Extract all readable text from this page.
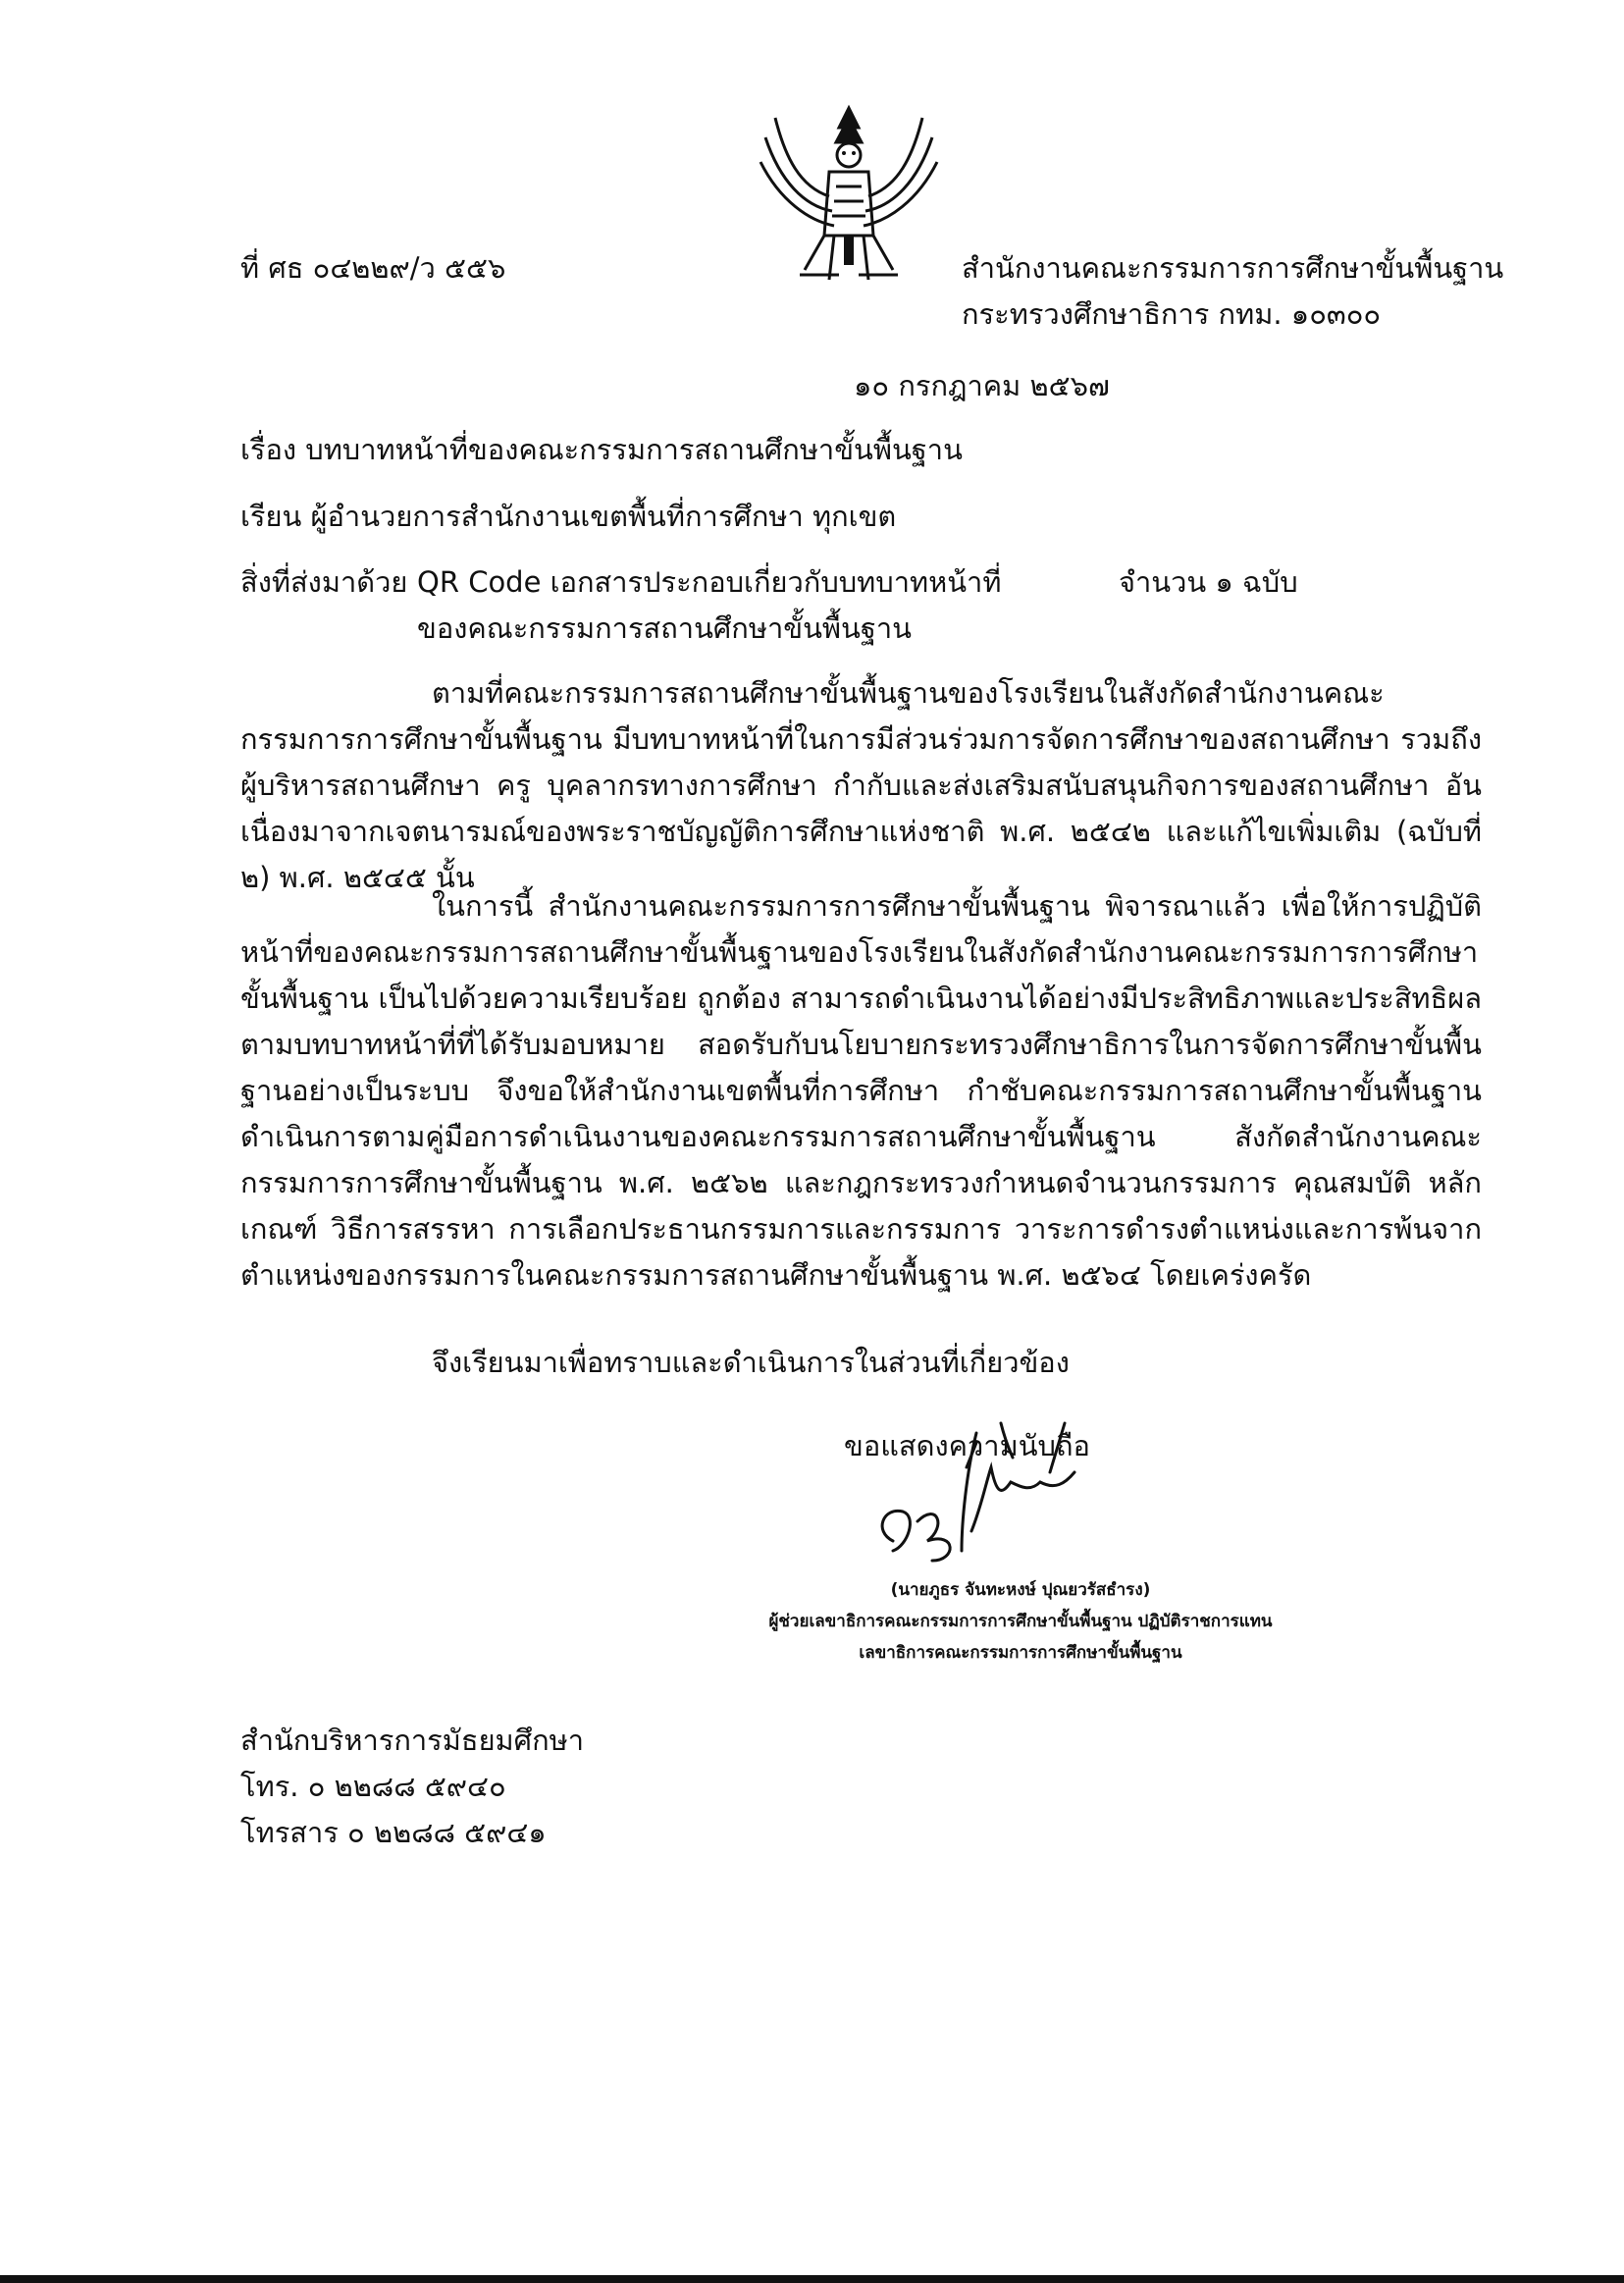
ที่ ศธ ๐๔๒๒๙/ว ๕๕๖	สำนักงานคณะกรรมการการศึกษาขั้นพื้นฐาน
กระทรวงศึกษาธิการ กทม. ๑๐๓๐๐
๑๐ กรกฎาคม ๒๕๖๗
เรื่อง บทบาทหน้าที่ของคณะกรรมการสถานศึกษาขั้นพื้นฐาน
เรียน ผู้อำนวยการสำนักงานเขตพื้นที่การศึกษา ทุกเขต
สิ่งที่ส่งมาด้วย QR Code เอกสารประกอบเกี่ยวกับบทบาทหน้าที่	จำนวน ๑ ฉบับ
ของคณะกรรมการสถานศึกษาขั้นพื้นฐาน
ตามที่คณะกรรมการสถานศึกษาขั้นพื้นฐานของโรงเรียนในสังกัดสำนักงานคณะกรรมการการศึกษาขั้นพื้นฐาน มีบทบาทหน้าที่ในการมีส่วนร่วมการจัดการศึกษาของสถานศึกษา รวมถึงผู้บริหารสถานศึกษา ครู บุคลากรทางการศึกษา กำกับและส่งเสริมสนับสนุนกิจการของสถานศึกษา อันเนื่องมาจากเจตนารมณ์ของพระราชบัญญัติการศึกษาแห่งชาติ พ.ศ. ๒๕๔๒ และแก้ไขเพิ่มเติม (ฉบับที่ ๒) พ.ศ. ๒๕๔๕ นั้น
ในการนี้ สำนักงานคณะกรรมการการศึกษาขั้นพื้นฐาน พิจารณาแล้ว เพื่อให้การปฏิบัติหน้าที่ของคณะกรรมการสถานศึกษาขั้นพื้นฐานของโรงเรียนในสังกัดสำนักงานคณะกรรมการการศึกษาขั้นพื้นฐาน เป็นไปด้วยความเรียบร้อย ถูกต้อง สามารถดำเนินงานได้อย่างมีประสิทธิภาพและประสิทธิผลตามบทบาทหน้าที่ที่ได้รับมอบหมาย สอดรับกับนโยบายกระทรวงศึกษาธิการในการจัดการศึกษาขั้นพื้นฐานอย่างเป็นระบบ จึงขอให้สำนักงานเขตพื้นที่การศึกษา กำชับคณะกรรมการสถานศึกษาขั้นพื้นฐาน ดำเนินการตามคู่มือการดำเนินงานของคณะกรรมการสถานศึกษาขั้นพื้นฐาน สังกัดสำนักงานคณะกรรมการการศึกษาขั้นพื้นฐาน พ.ศ. ๒๕๖๒ และกฎกระทรวงกำหนดจำนวนกรรมการ คุณสมบัติ หลักเกณฑ์ วิธีการสรรหา การเลือกประธานกรรมการและกรรมการ วาระการดำรงตำแหน่งและการพ้นจากตำแหน่งของกรรมการในคณะกรรมการสถานศึกษาขั้นพื้นฐาน พ.ศ. ๒๕๖๔ โดยเคร่งครัด
จึงเรียนมาเพื่อทราบและดำเนินการในส่วนที่เกี่ยวข้อง
ขอแสดงความนับถือ
(นายภูธร จันทะหงษ์ ปุณยวรัสธำรง)
ผู้ช่วยเลขาธิการคณะกรรมการการศึกษาขั้นพื้นฐาน ปฏิบัติราชการแทน
เลขาธิการคณะกรรมการการศึกษาขั้นพื้นฐาน
สำนักบริหารการมัธยมศึกษา
โทร. ๐ ๒๒๘๘ ๕๙๔๐
โทรสาร ๐ ๒๒๘๘ ๕๙๔๑
